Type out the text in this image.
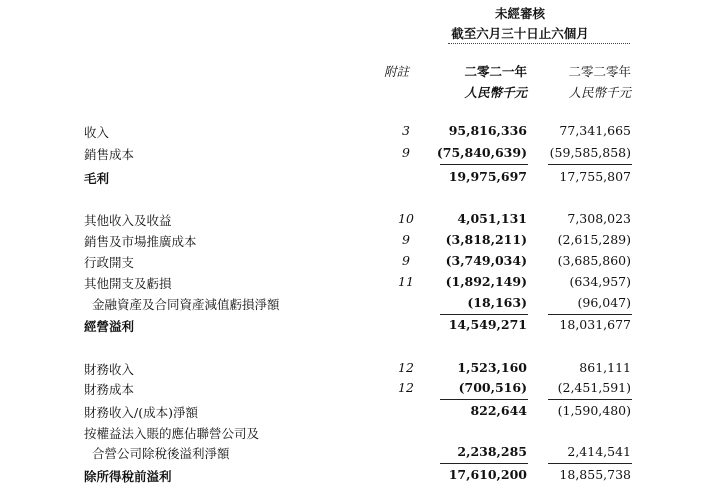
未經審核
截至六月三十日止六個月
附註	二零二一年	二零二零年
人民幣千元	人民幣千元
收入	3	95,816,336	77,341,665
銷售成本	9	(75,840,639) (59,585,858)
毛利	19,975,697	17,755,807
其他收入及收益	10	4,051,131	7,308,023
銷售及市場推廣成本	9	(3,818,211) (2,615,289)
行政開支	9	(3,749,034) (3,685,860)
其他開支及虧損	11	(1,892,149)	(634,957)
金融資產及合同資產減值虧損淨額	(18,163)	(96,047)
經營溢利	14,549,271	18,031,677
財務收入	12	1,523,160	861,111
財務成本	12	(700,516) (2,451,591)
財務收入/(成本)淨額	822,644 (1,590,480)
按權益法入賬的應佔聯營公司及
合營公司除稅後溢利淨額	2,238,285	2,414,541
除所得稅前溢利	17,610,200	18,855,738
